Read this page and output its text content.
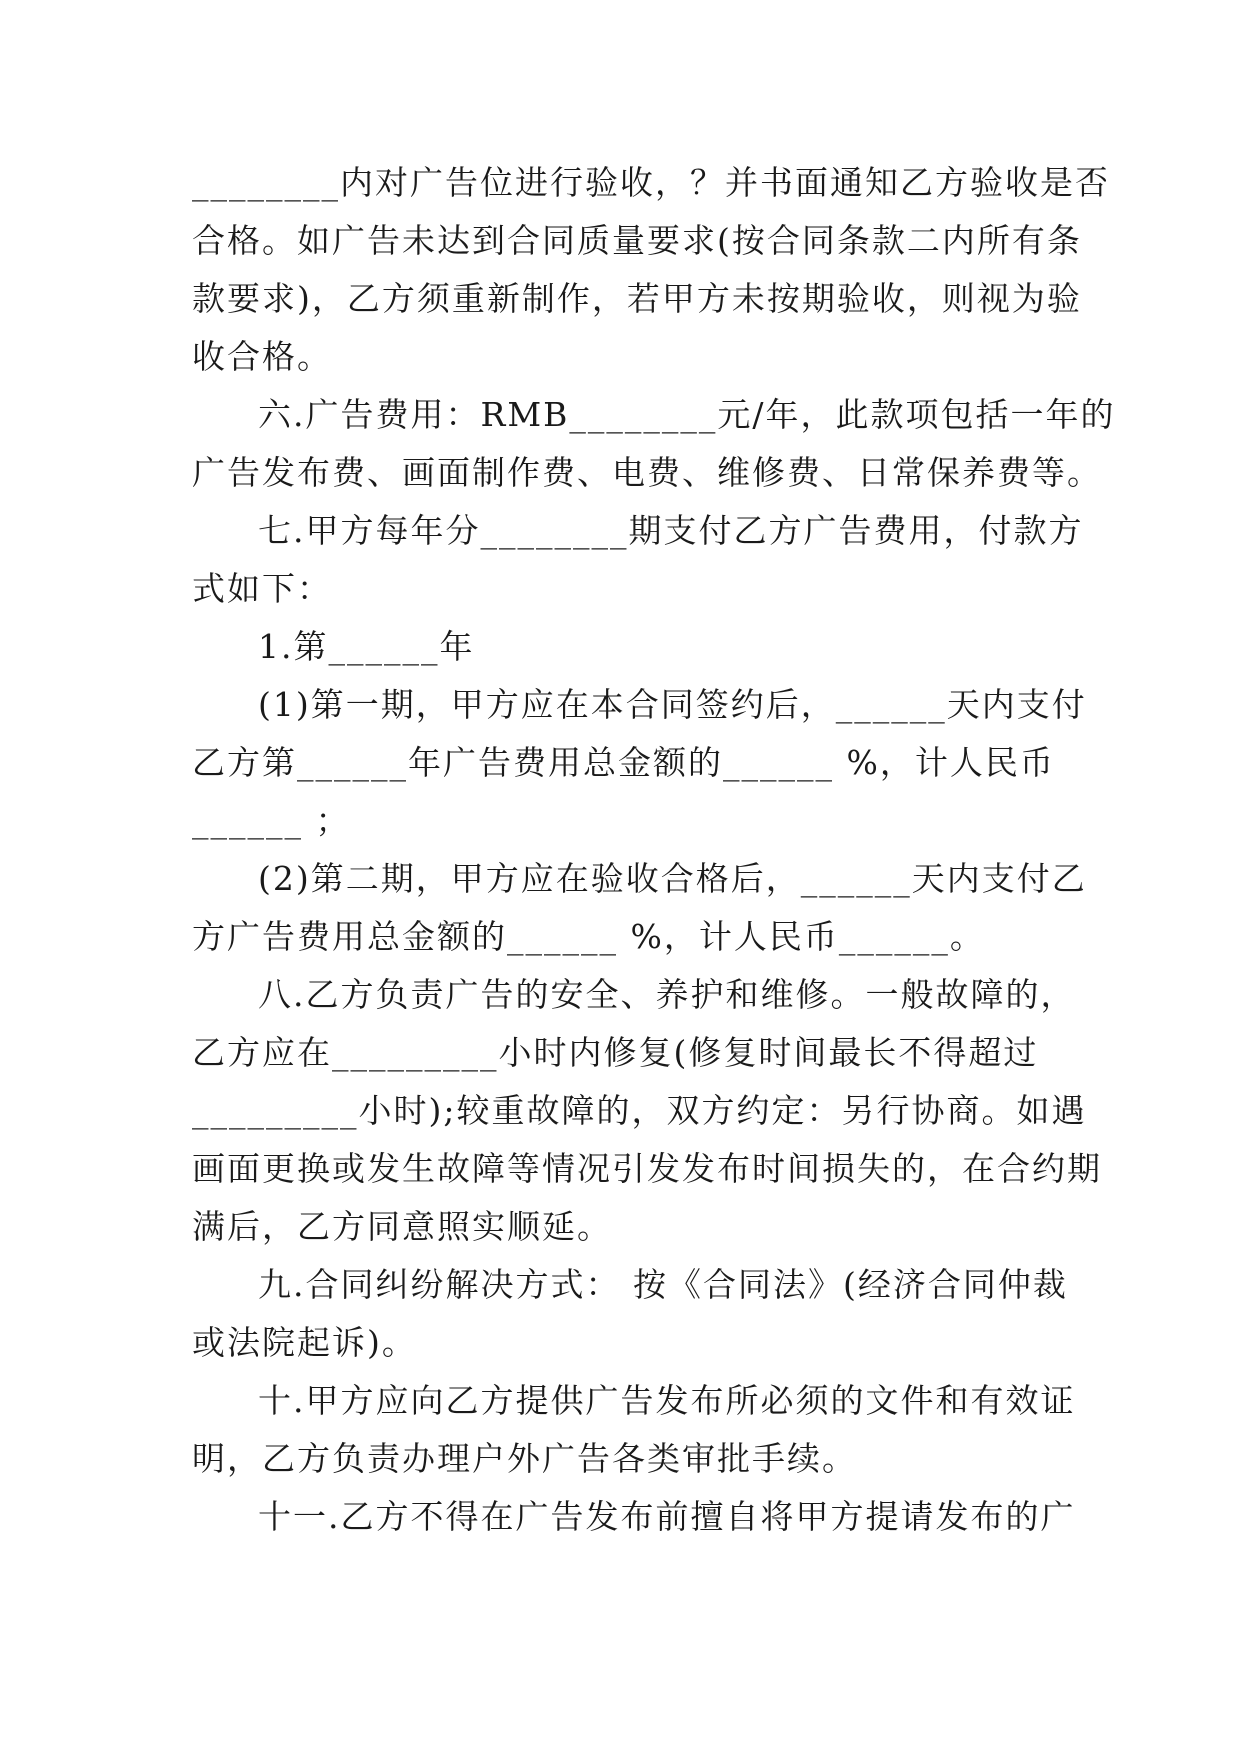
________内对广告位进行验收，？并书面通知乙方验收是否
合格。如广告未达到合同质量要求(按合同条款二内所有条
款要求)，乙方须重新制作，若甲方未按期验收，则视为验
收合格。
六.广告费用：RMB________元/年，此款项包括一年的
广告发布费、画面制作费、电费、维修费、日常保养费等。
七.甲方每年分________期支付乙方广告费用，付款方
式如下：
1.第______年
(1)第一期，甲方应在本合同签约后，______天内支付
乙方第______年广告费用总金额的______ %，计人民币
______ ；
(2)第二期，甲方应在验收合格后，______天内支付乙
方广告费用总金额的______ %，计人民币______。
八.乙方负责广告的安全、养护和维修。一般故障的，
乙方应在_________小时内修复(修复时间最长不得超过
_________小时);较重故障的，双方约定：另行协商。如遇
画面更换或发生故障等情况引发发布时间损失的，在合约期
满后，乙方同意照实顺延。
九.合同纠纷解决方式： 按《合同法》(经济合同仲裁
或法院起诉)。
十.甲方应向乙方提供广告发布所必须的文件和有效证
明，乙方负责办理户外广告各类审批手续。
十一.乙方不得在广告发布前擅自将甲方提请发布的广
